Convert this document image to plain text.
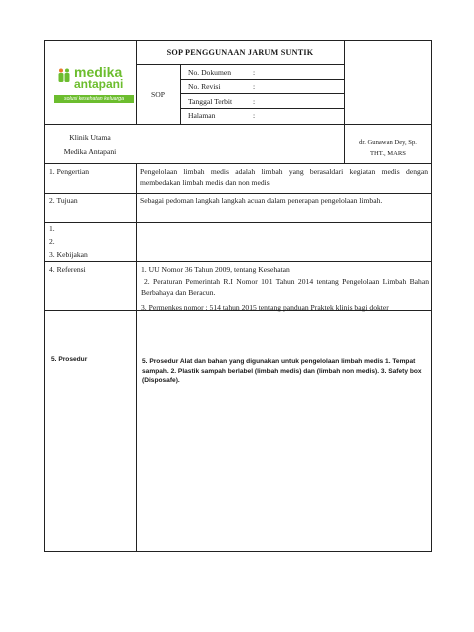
medika
antapani
solusi kesehatan keluarga
SOP PENGGUNAAN JARUM SUNTIK
SOP
No. Dokumen	:
No. Revisi	:
Tanggal Terbit	:
Halaman	:
Klinik Utama
Medika Antapani
dr. Gunawan Dey, Sp.
THT., MARS
1. Pengertian	Pengelolaan limbah medis adalah limbah yang berasaldari kegiatan medis dengan membedakan limbah medis dan non medis
2. Tujuan	Sebagai pedoman langkah langkah acuan dalam penerapan pengelolaan limbah.
1.
2.
3. Kebijakan
4. Referensi	1. UU Nomor 36 Tahun 2009, tentang Kesehatan
2. Peraturan Pemerintah R.I Nomor 101 Tahun 2014 tentang Pengelolaan Limbah Bahan Berbahaya dan Beracun.
3. Permenkes nomor : 514 tahun 2015 tentang panduan Praktek klinis bagi dokter
5. Prosedur	5. Prosedur Alat dan bahan yang digunakan untuk pengelolaan limbah medis 1. Tempat sampah. 2. Plastik sampah berlabel (limbah medis) dan (limbah non medis). 3. Safety box (Disposafe).
